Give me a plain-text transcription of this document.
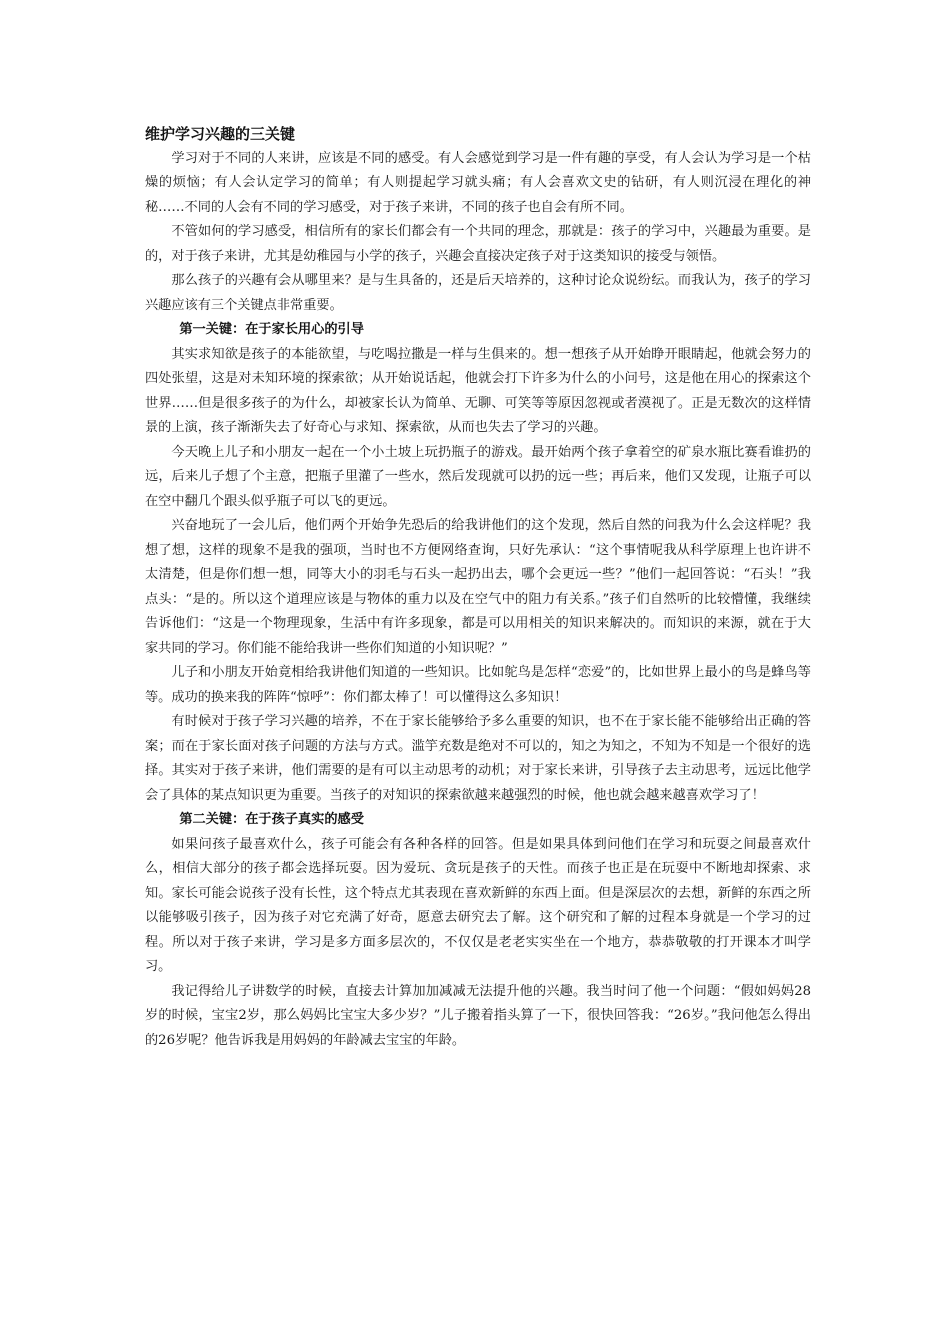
维护学习兴趣的三关键

学习对于不同的人来讲，应该是不同的感受。有人会感觉到学习是一件有趣的享受，有人会认为学习是一个枯燥的烦恼；有人会认定学习的简单；有人则提起学习就头痛；有人会喜欢文史的钻研，有人则沉浸在理化的神秘……不同的人会有不同的学习感受，对于孩子来讲，不同的孩子也自会有所不同。

不管如何的学习感受，相信所有的家长们都会有一个共同的理念，那就是：孩子的学习中，兴趣最为重要。是的，对于孩子来讲，尤其是幼稚园与小学的孩子，兴趣会直接决定孩子对于这类知识的接受与领悟。

那么孩子的兴趣有会从哪里来？是与生具备的，还是后天培养的，这种讨论众说纷纭。而我认为，孩子的学习兴趣应该有三个关键点非常重要。

第一关键：在于家长用心的引导

其实求知欲是孩子的本能欲望，与吃喝拉撒是一样与生俱来的。想一想孩子从开始睁开眼睛起，他就会努力的四处张望，这是对未知环境的探索欲；从开始说话起，他就会打下许多为什么的小问号，这是他在用心的探索这个世界……但是很多孩子的为什么，却被家长认为简单、无聊、可笑等等原因忽视或者漠视了。正是无数次的这样情景的上演，孩子渐渐失去了好奇心与求知、探索欲，从而也失去了学习的兴趣。

今天晚上儿子和小朋友一起在一个小土坡上玩扔瓶子的游戏。最开始两个孩子拿着空的矿泉水瓶比赛看谁扔的远，后来儿子想了个主意，把瓶子里灌了一些水，然后发现就可以扔的远一些；再后来，他们又发现，让瓶子可以在空中翻几个跟头似乎瓶子可以飞的更远。

兴奋地玩了一会儿后，他们两个开始争先恐后的给我讲他们的这个发现，然后自然的问我为什么会这样呢？我想了想，这样的现象不是我的强项，当时也不方便网络查询，只好先承认：“这个事情呢我从科学原理上也许讲不太清楚，但是你们想一想，同等大小的羽毛与石头一起扔出去，哪个会更远一些？”他们一起回答说：“石头！”我点头：“是的。所以这个道理应该是与物体的重力以及在空气中的阻力有关系。”孩子们自然听的比较懵懂，我继续告诉他们：“这是一个物理现象，生活中有许多现象，都是可以用相关的知识来解决的。而知识的来源，就在于大家共同的学习。你们能不能给我讲一些你们知道的小知识呢？”

儿子和小朋友开始竟相给我讲他们知道的一些知识。比如鸵鸟是怎样“恋爱”的，比如世界上最小的鸟是蜂鸟等等。成功的换来我的阵阵“惊呼”：你们都太棒了！可以懂得这么多知识！

有时候对于孩子学习兴趣的培养，不在于家长能够给予多么重要的知识，也不在于家长能不能够给出正确的答案；而在于家长面对孩子问题的方法与方式。滥竽充数是绝对不可以的，知之为知之，不知为不知是一个很好的选择。其实对于孩子来讲，他们需要的是有可以主动思考的动机；对于家长来讲，引导孩子去主动思考，远远比他学会了具体的某点知识更为重要。当孩子的对知识的探索欲越来越强烈的时候，他也就会越来越喜欢学习了！

第二关键：在于孩子真实的感受

如果问孩子最喜欢什么，孩子可能会有各种各样的回答。但是如果具体到问他们在学习和玩耍之间最喜欢什么，相信大部分的孩子都会选择玩耍。因为爱玩、贪玩是孩子的天性。而孩子也正是在玩耍中不断地却探索、求知。家长可能会说孩子没有长性，这个特点尤其表现在喜欢新鲜的东西上面。但是深层次的去想，新鲜的东西之所以能够吸引孩子，因为孩子对它充满了好奇，愿意去研究去了解。这个研究和了解的过程本身就是一个学习的过程。所以对于孩子来讲，学习是多方面多层次的，不仅仅是老老实实坐在一个地方，恭恭敬敬的打开课本才叫学习。

我记得给儿子讲数学的时候，直接去计算加加减减无法提升他的兴趣。我当时问了他一个问题：“假如妈妈28岁的时候，宝宝2岁，那么妈妈比宝宝大多少岁？”儿子搬着指头算了一下，很快回答我：“26岁。”我问他怎么得出的26岁呢？他告诉我是用妈妈的年龄减去宝宝的年龄。
